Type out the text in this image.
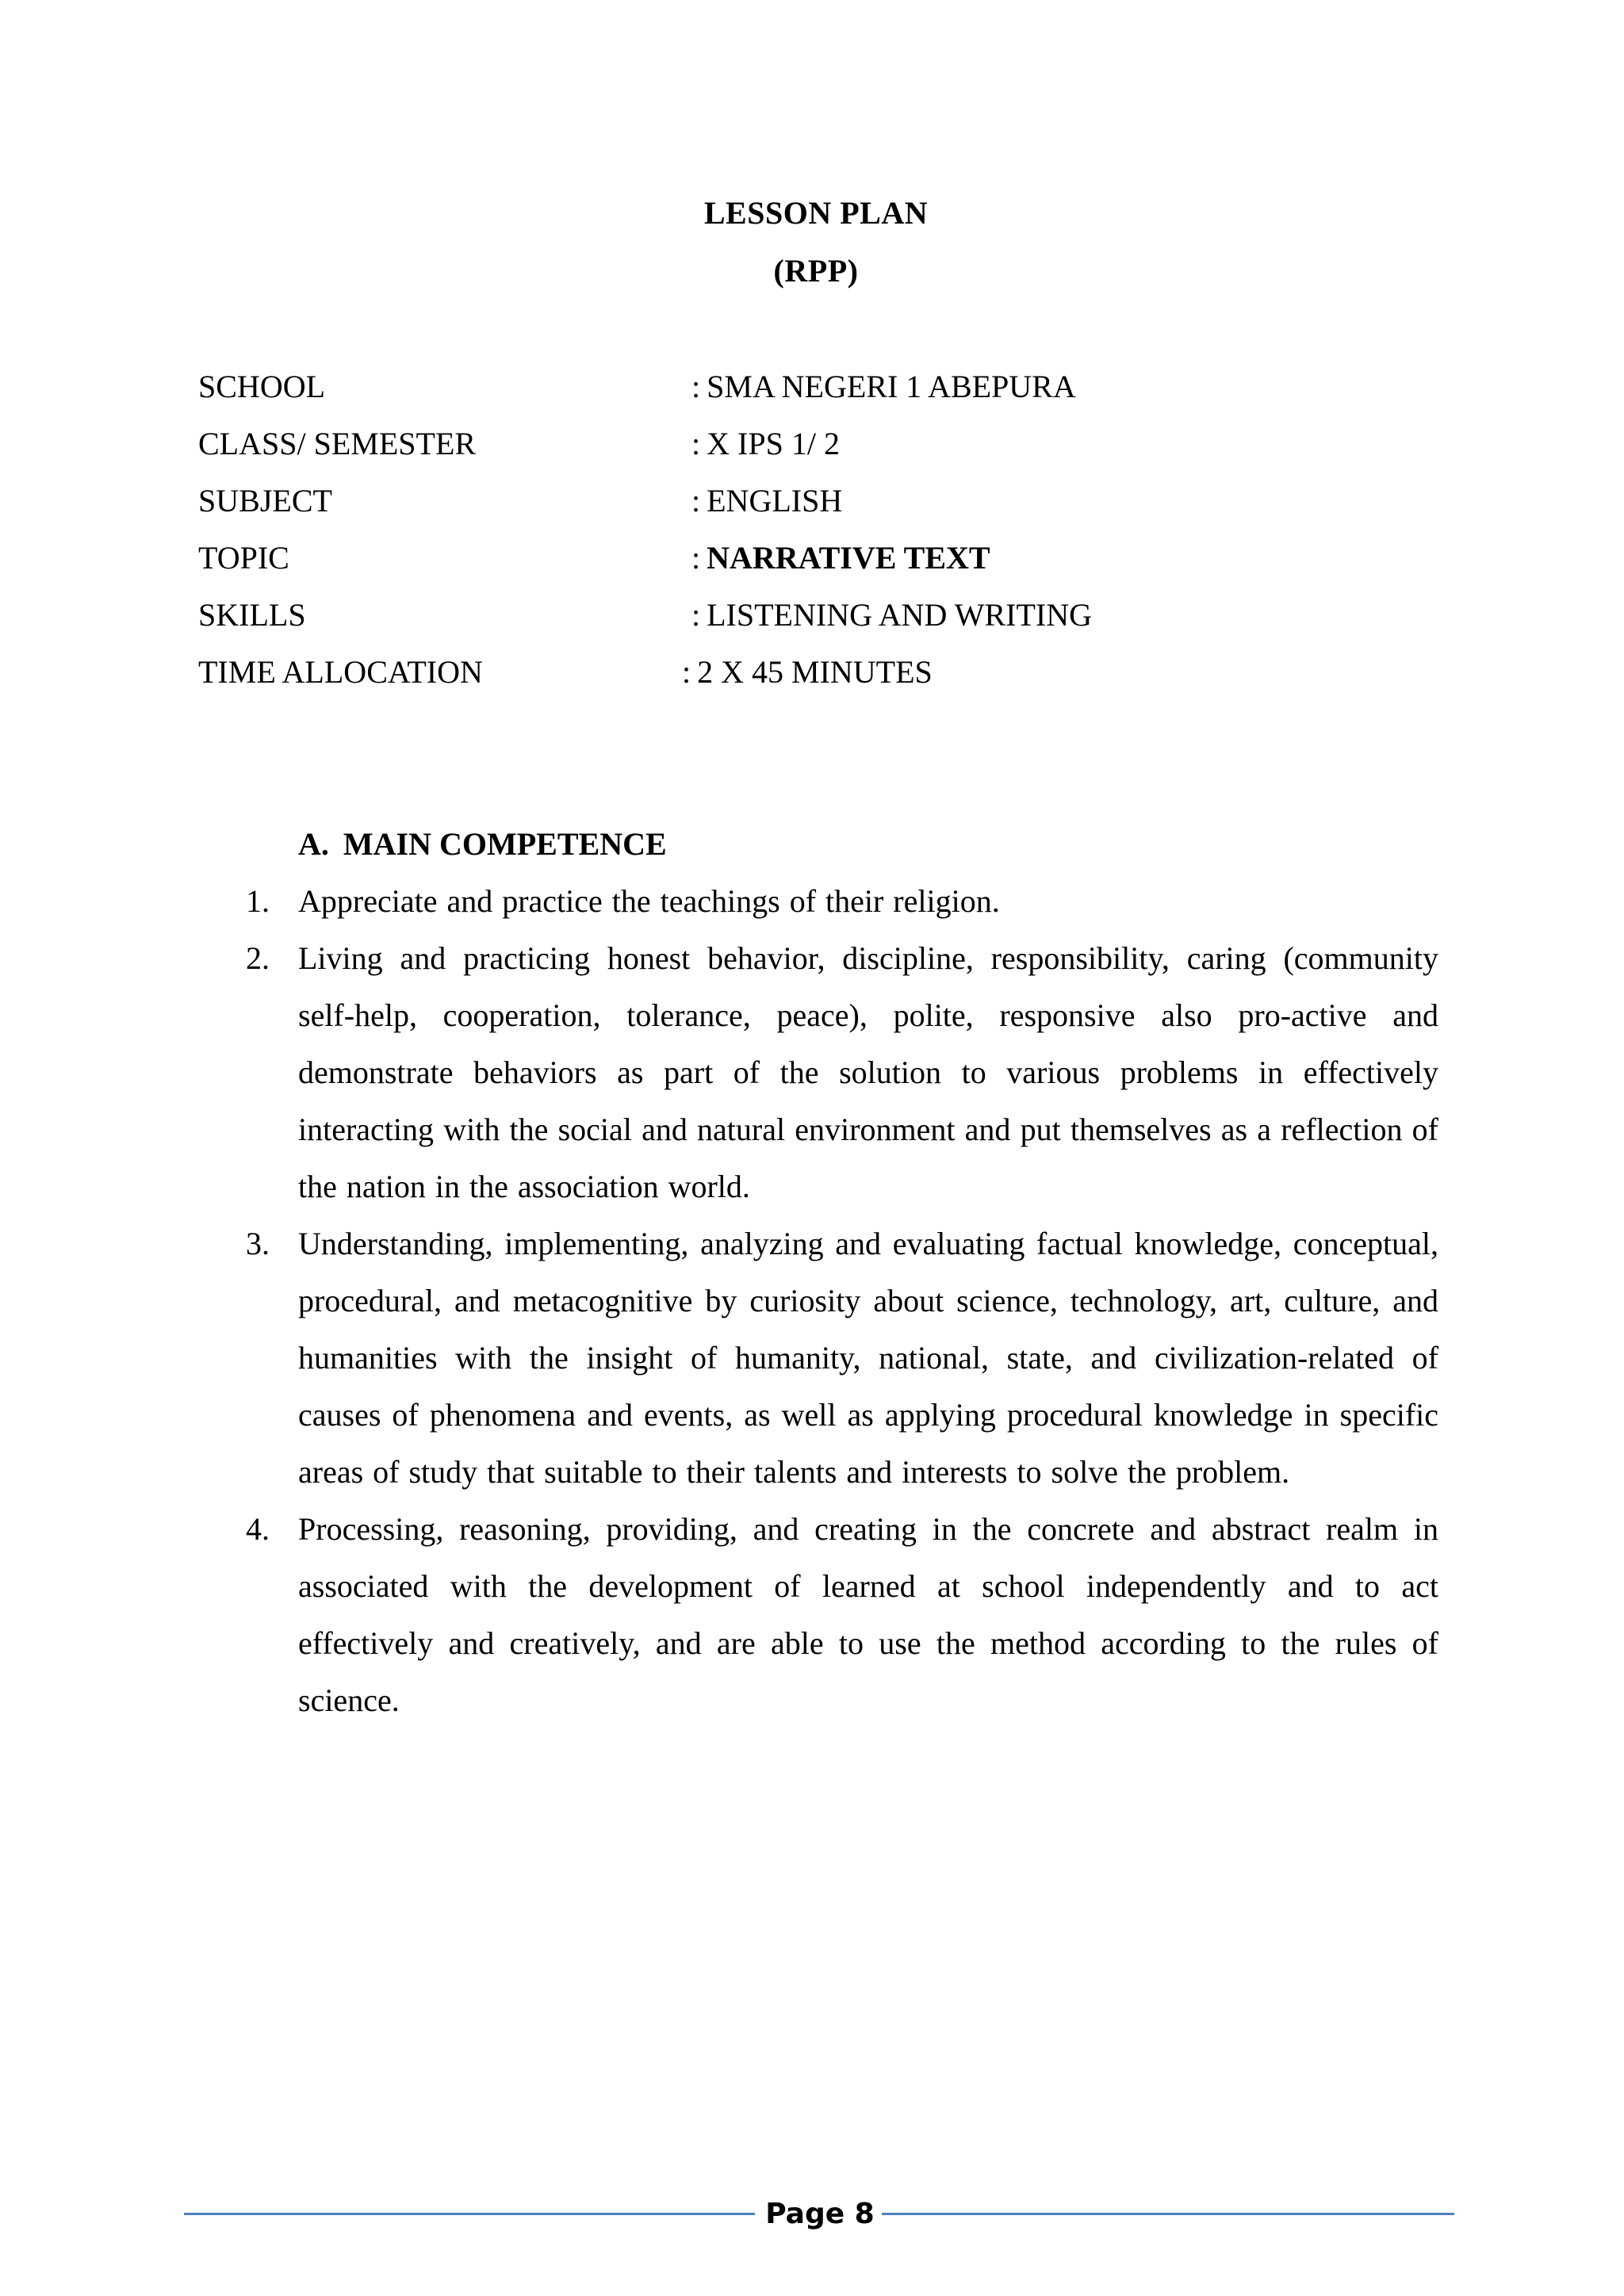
LESSON PLAN
(RPP)
SCHOOL	: SMA NEGERI 1 ABEPURA
CLASS/ SEMESTER	: X IPS 1/ 2
SUBJECT	: ENGLISH
TOPIC	: NARRATIVE TEXT
SKILLS	: LISTENING AND WRITING
TIME ALLOCATION	: 2 X 45 MINUTES
A. MAIN COMPETENCE
1. Appreciate and practice the teachings of their religion.
2. Living and practicing honest behavior, discipline, responsibility, caring (community self-help, cooperation, tolerance, peace), polite, responsive also pro-active and demonstrate behaviors as part of the solution to various problems in effectively interacting with the social and natural environment and put themselves as a reflection of the nation in the association world.
3. Understanding, implementing, analyzing and evaluating factual knowledge, conceptual, procedural, and metacognitive by curiosity about science, technology, art, culture, and humanities with the insight of humanity, national, state, and civilization-related of causes of phenomena and events, as well as applying procedural knowledge in specific areas of study that suitable to their talents and interests to solve the problem.
4. Processing, reasoning, providing, and creating in the concrete and abstract realm in associated with the development of learned at school independently and to act effectively and creatively, and are able to use the method according to the rules of science.
Page 8
